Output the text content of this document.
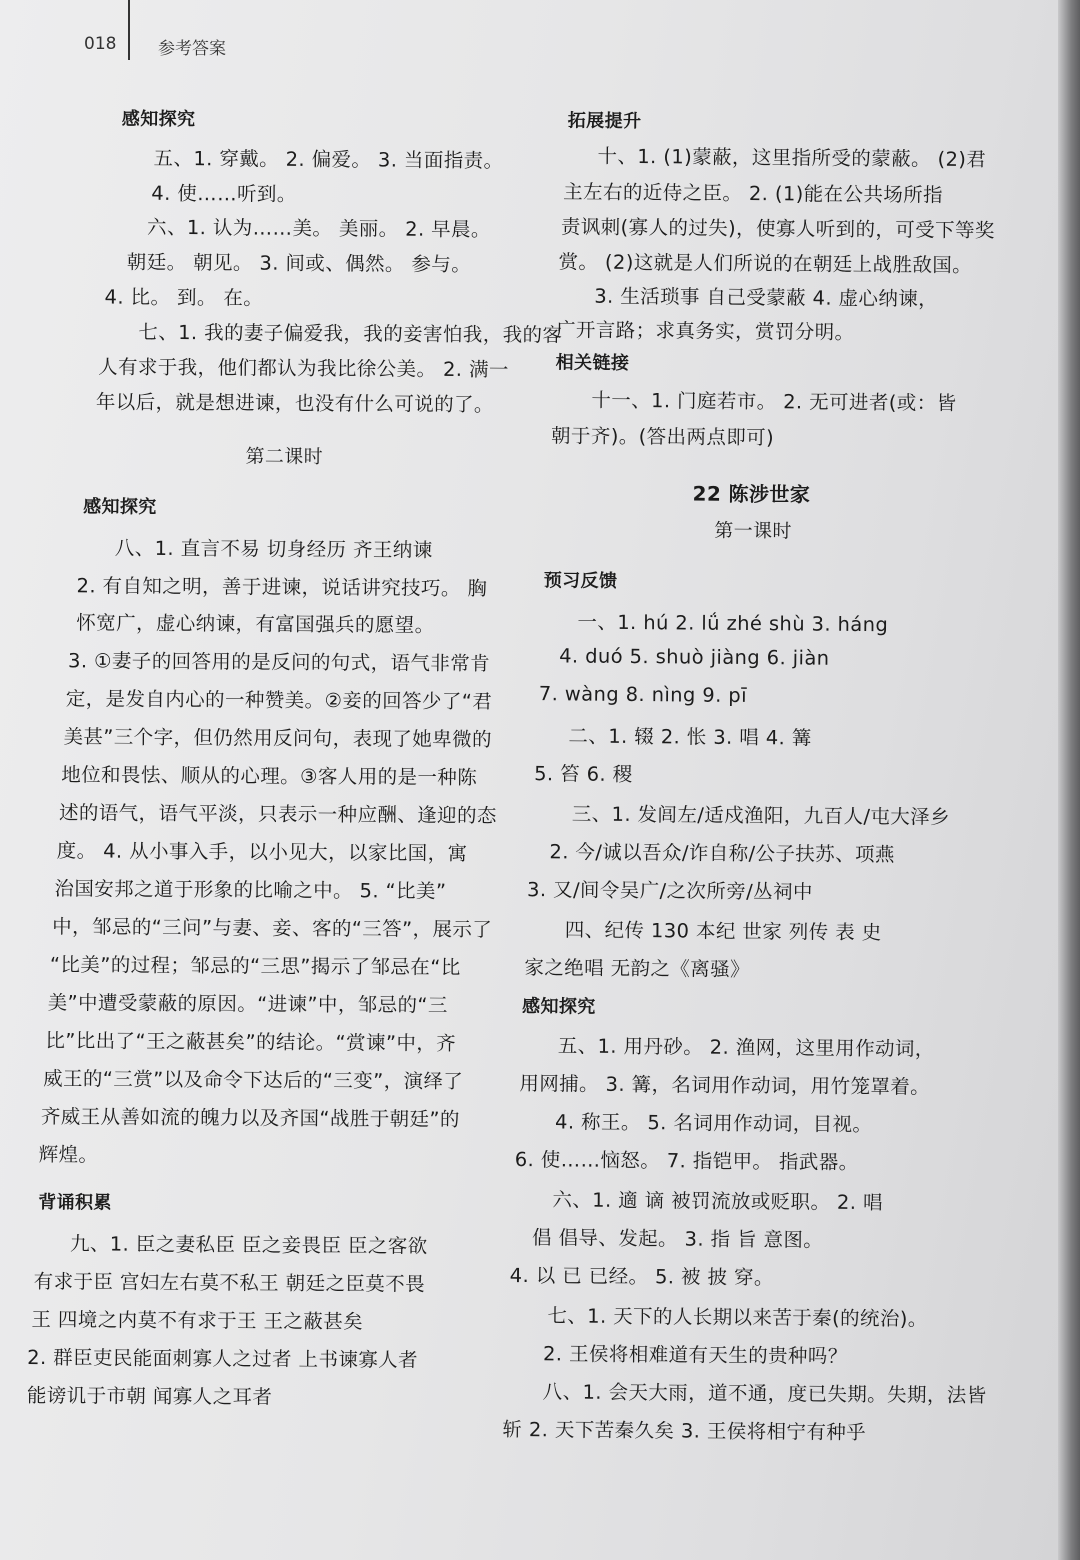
018 参考答案
感知探究
五、1. 穿戴。 2. 偏爱。 3. 当面指责。
4. 使……听到。
六、1. 认为……美。 美丽。 2. 早晨。
朝廷。 朝见。 3. 间或、偶然。 参与。
4. 比。 到。 在。
七、1. 我的妻子偏爱我，我的妾害怕我，我的客
人有求于我，他们都认为我比徐公美。 2. 满一
年以后，就是想进谏，也没有什么可说的了。
第二课时
感知探究
八、1. 直言不易 切身经历 齐王纳谏
2. 有自知之明，善于进谏，说话讲究技巧。 胸
怀宽广，虚心纳谏，有富国强兵的愿望。
3. ①妻子的回答用的是反问的句式，语气非常肯
定，是发自内心的一种赞美。②妾的回答少了“君
美甚”三个字，但仍然用反问句，表现了她卑微的
地位和畏怯、顺从的心理。③客人用的是一种陈
述的语气，语气平淡，只表示一种应酬、逢迎的态
度。 4. 从小事入手，以小见大，以家比国，寓
治国安邦之道于形象的比喻之中。 5. “比美”
中，邹忌的“三问”与妻、妾、客的“三答”，展示了
“比美”的过程；邹忌的“三思”揭示了邹忌在“比
美”中遭受蒙蔽的原因。“进谏”中，邹忌的“三
比”比出了“王之蔽甚矣”的结论。“赏谏”中，齐
威王的“三赏”以及命令下达后的“三变”，演绎了
齐威王从善如流的魄力以及齐国“战胜于朝廷”的
辉煌。
背诵积累
九、1. 臣之妻私臣 臣之妾畏臣 臣之客欲
有求于臣 宫妇左右莫不私王 朝廷之臣莫不畏
王 四境之内莫不有求于王 王之蔽甚矣
2. 群臣吏民能面刺寡人之过者 上书谏寡人者
能谤讥于市朝 闻寡人之耳者
拓展提升
十、1. (1)蒙蔽，这里指所受的蒙蔽。 (2)君
主左右的近侍之臣。 2. (1)能在公共场所指
责讽刺(寡人的过失)，使寡人听到的，可受下等奖
赏。 (2)这就是人们所说的在朝廷上战胜敌国。
3. 生活琐事 自己受蒙蔽 4. 虚心纳谏，
广开言路；求真务实，赏罚分明。
相关链接
十一、1. 门庭若市。 2. 无可进者(或：皆
朝于齐)。(答出两点即可)
22 陈涉世家
第一课时
预习反馈
一、1. hú 2. lǘ zhé shù 3. háng
4. duó 5. shuò jiàng 6. jiàn
7. wàng 8. nìng 9. pī
二、1. 辍 2. 怅 3. 唱 4. 篝
5. 笞 6. 稷
三、1. 发闾左/适戍渔阳，九百人/屯大泽乡
2. 今/诚以吾众/诈自称/公子扶苏、项燕
3. 又/间令吴广/之次所旁/丛祠中
四、纪传 130 本纪 世家 列传 表 史
家之绝唱 无韵之《离骚》
感知探究
五、1. 用丹砂。 2. 渔网，这里用作动词，
用网捕。 3. 篝，名词用作动词，用竹笼罩着。
4. 称王。 5. 名词用作动词，目视。
6. 使……恼怒。 7. 指铠甲。 指武器。
六、1. 適 谪 被罚流放或贬职。 2. 唱
倡 倡导、发起。 3. 指 旨 意图。
4. 以 已 已经。 5. 被 披 穿。
七、1. 天下的人长期以来苦于秦(的统治)。
2. 王侯将相难道有天生的贵种吗？
八、1. 会天大雨，道不通，度已失期。失期，法皆
斩 2. 天下苦秦久矣 3. 王侯将相宁有种乎
